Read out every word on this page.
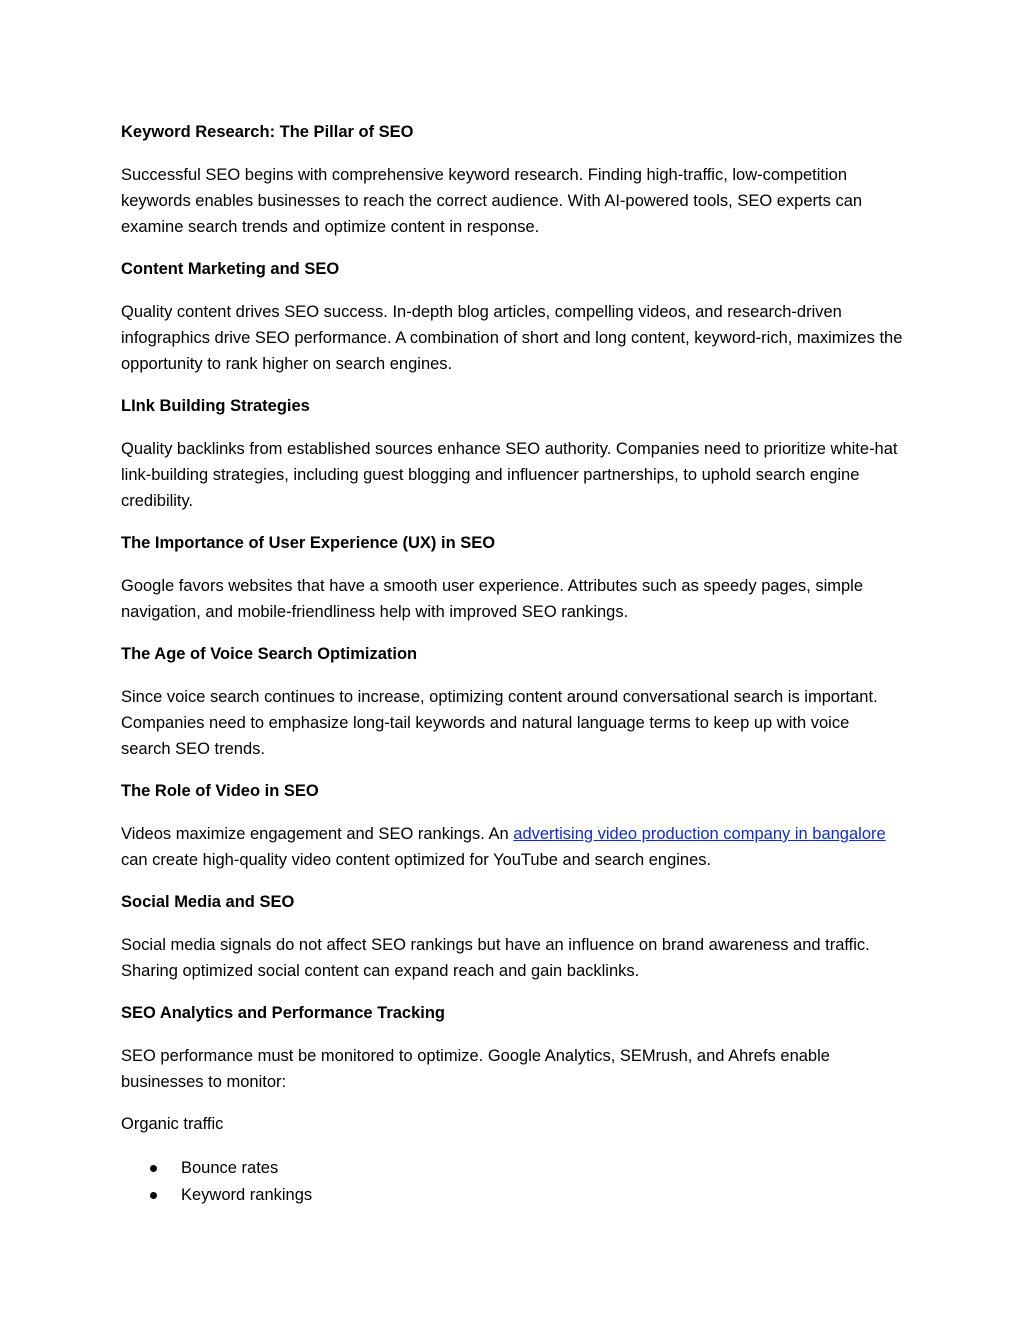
Keyword Research: The Pillar of SEO

Successful SEO begins with comprehensive keyword research. Finding high-traffic, low-competition keywords enables businesses to reach the correct audience. With AI-powered tools, SEO experts can examine search trends and optimize content in response.

Content Marketing and SEO

Quality content drives SEO success. In-depth blog articles, compelling videos, and research-driven infographics drive SEO performance. A combination of short and long content, keyword-rich, maximizes the opportunity to rank higher on search engines.

LInk Building Strategies

Quality backlinks from established sources enhance SEO authority. Companies need to prioritize white-hat link-building strategies, including guest blogging and influencer partnerships, to uphold search engine credibility.

The Importance of User Experience (UX) in SEO

Google favors websites that have a smooth user experience. Attributes such as speedy pages, simple navigation, and mobile-friendliness help with improved SEO rankings.

The Age of Voice Search Optimization

Since voice search continues to increase, optimizing content around conversational search is important. Companies need to emphasize long-tail keywords and natural language terms to keep up with voice search SEO trends.

The Role of Video in SEO

Videos maximize engagement and SEO rankings. An advertising video production company in bangalore can create high-quality video content optimized for YouTube and search engines.

Social Media and SEO

Social media signals do not affect SEO rankings but have an influence on brand awareness and traffic. Sharing optimized social content can expand reach and gain backlinks.

SEO Analytics and Performance Tracking

SEO performance must be monitored to optimize. Google Analytics, SEMrush, and Ahrefs enable businesses to monitor:

Organic traffic

Bounce rates
Keyword rankings
